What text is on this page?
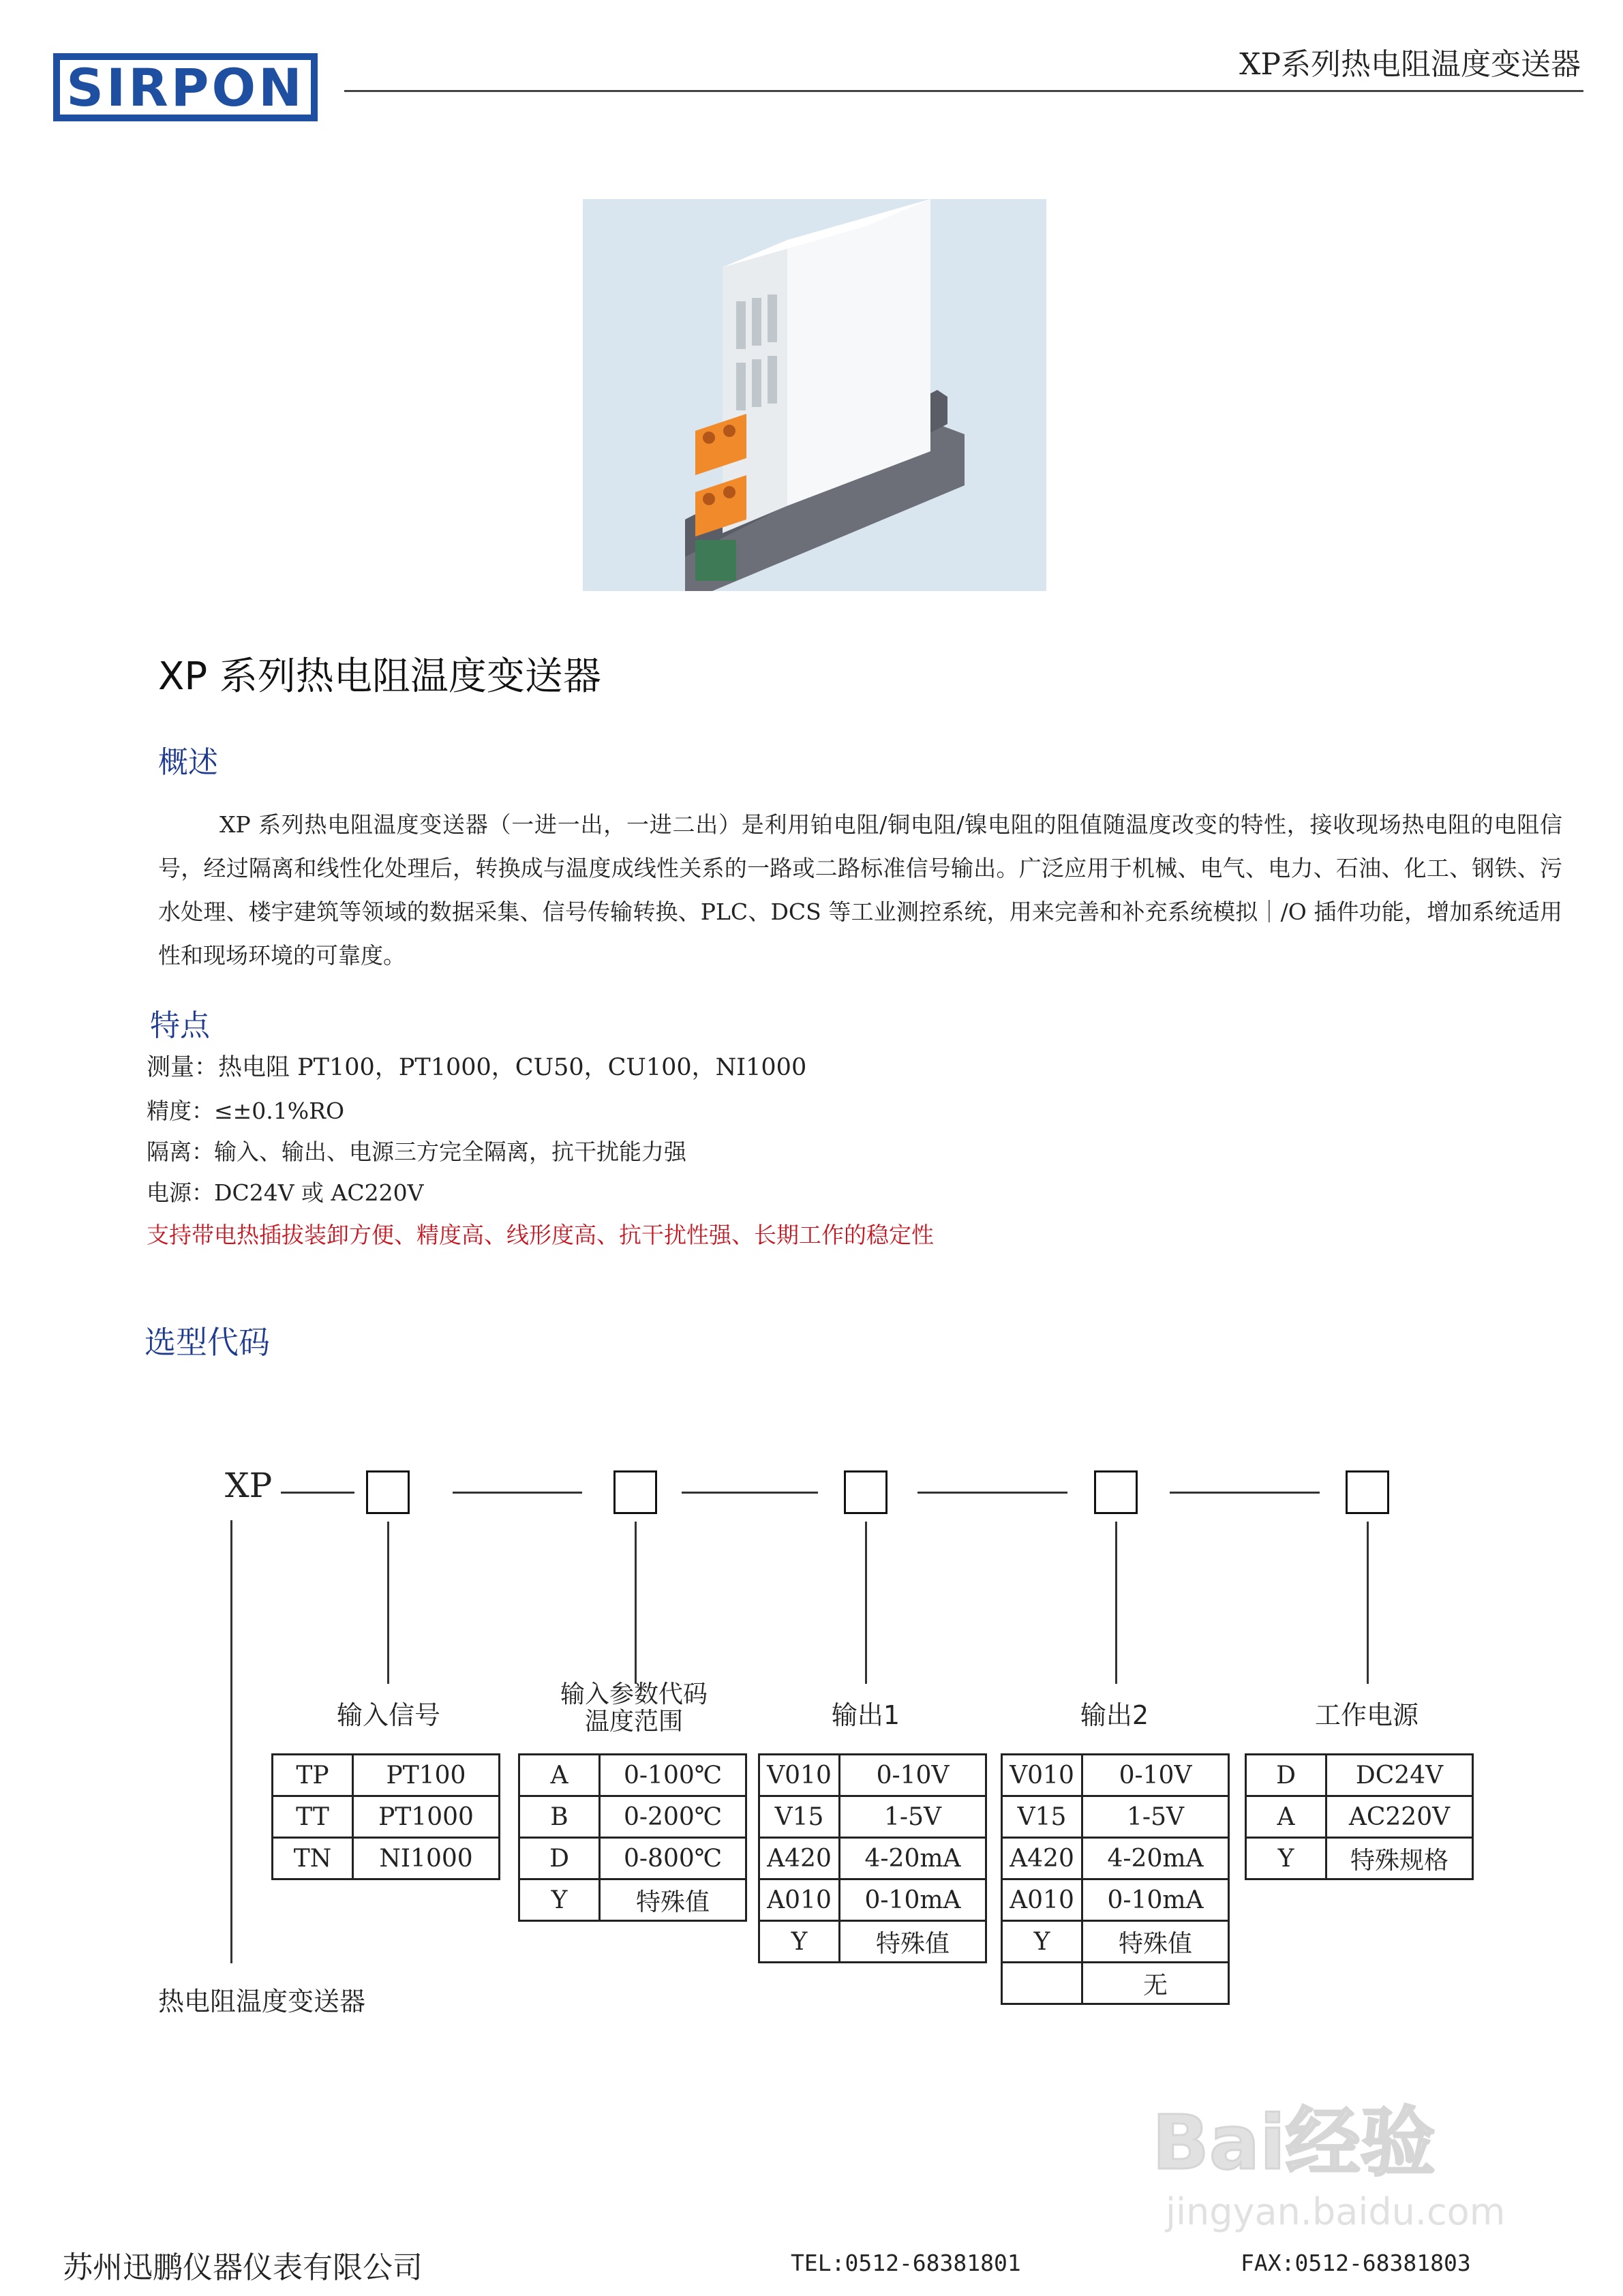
SIRPON	XP系列热电阻温度变送器
XP 系列热电阻温度变送器
概述

XP 系列热电阻温度变送器（一进一出，一进二出）是利用铂电阻/铜电阻/镍电阻的阻值随温度改变的特性，接收现场热电阻的电阻信号，经过隔离和线性化处理后，转换成与温度成线性关系的一路或二路标准信号输出。广泛应用于机械、电气、电力、石油、化工、钢铁、污水处理、楼宇建筑等领域的数据采集、信号传输转换、PLC、DCS 等工业测控系统，用来完善和补充系统模拟｜/O 插件功能，增加系统适用性和现场环境的可靠度。

特点
测量：热电阻 PT100，PT1000，CU50，CU100，NI1000
精度：≤±0.1%RO
隔离：输入、输出、电源三方完全隔离，抗干扰能力强
电源：DC24V 或 AC220V
支持带电热插拔装卸方便、精度高、线形度高、抗干扰性强、长期工作的稳定性
选型代码
XP
输入信号
输入参数代码
温度范围	输出1	输出2	工作电源
TP	PT100
TT	PT1000
TN	NI1000
A	0-100℃
B	0-200℃
D	0-800℃
Y	特殊值
V010	0-10V
V15	1-5V
A420	4-20mA
A010	0-10mA
Y	特殊值
V010	0-10V
V15	1-5V
A420	4-20mA
A010	0-10mA
Y	特殊值
	无
D	DC24V
A	AC220V
Y	特殊规格
热电阻温度变送器
Bai经验
jingyan.baidu.com
苏州迅鹏仪器仪表有限公司	TEL:0512-68381801	FAX:0512-68381803
